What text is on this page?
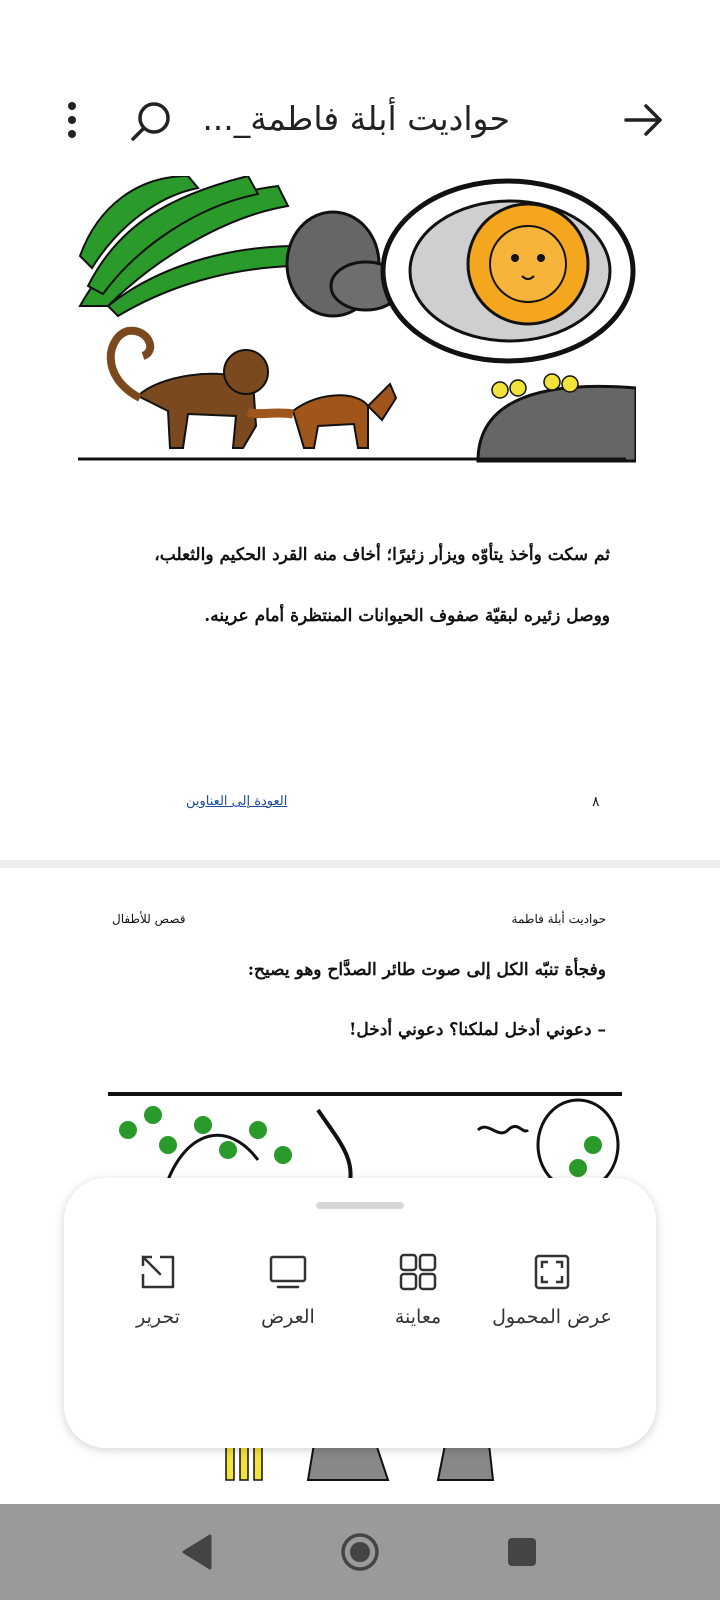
حواديت أبلة فاطمة_...
ثم سكت وأخذ يتأوّه ويزأر زئيرًا؛ أخاف منه القرد الحكيم والثعلب،
ووصل زئيره لبقيّة صفوف الحيوانات المنتظرة أمام عرينه.
العودة إلى العناوين	٨
حواديت أبلة فاطمة
قصص للأطفال
وفجأة تنبّه الكل إلى صوت طائر الصدَّاح وهو يصيح:
– دعوني أدخل لملكنا؟ دعوني أدخل!
عرض المحمول
معاينة
العرض
تحرير
